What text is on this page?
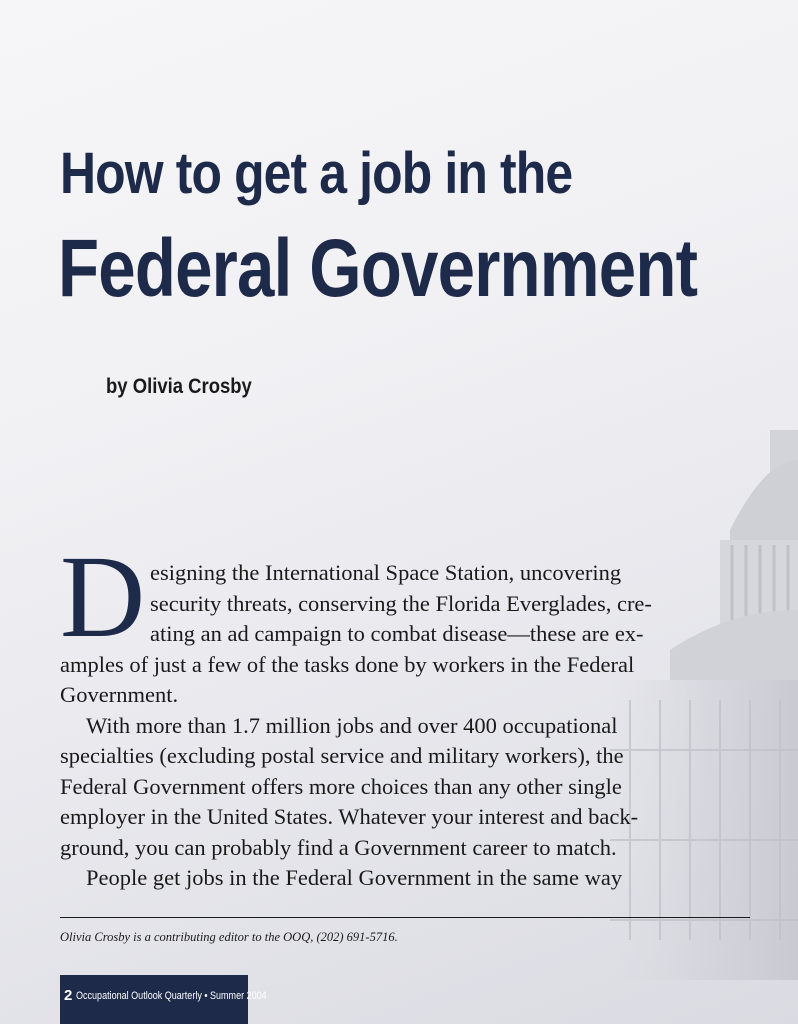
How to get a job in the
Federal Government
by Olivia Crosby
D esigning the International Space Station, uncovering
security threats, conserving the Florida Everglades, cre-
ating an ad campaign to combat disease—these are ex-
amples of just a few of the tasks done by workers in the Federal
Government.
With more than 1.7 million jobs and over 400 occupational
specialties (excluding postal service and military workers), the
Federal Government offers more choices than any other single
employer in the United States. Whatever your interest and back-
ground, you can probably find a Government career to match.
People get jobs in the Federal Government in the same way
Olivia Crosby is a contributing editor to the OOQ, (202) 691-5716.
2 Occupational Outlook Quarterly • Summer 2004
